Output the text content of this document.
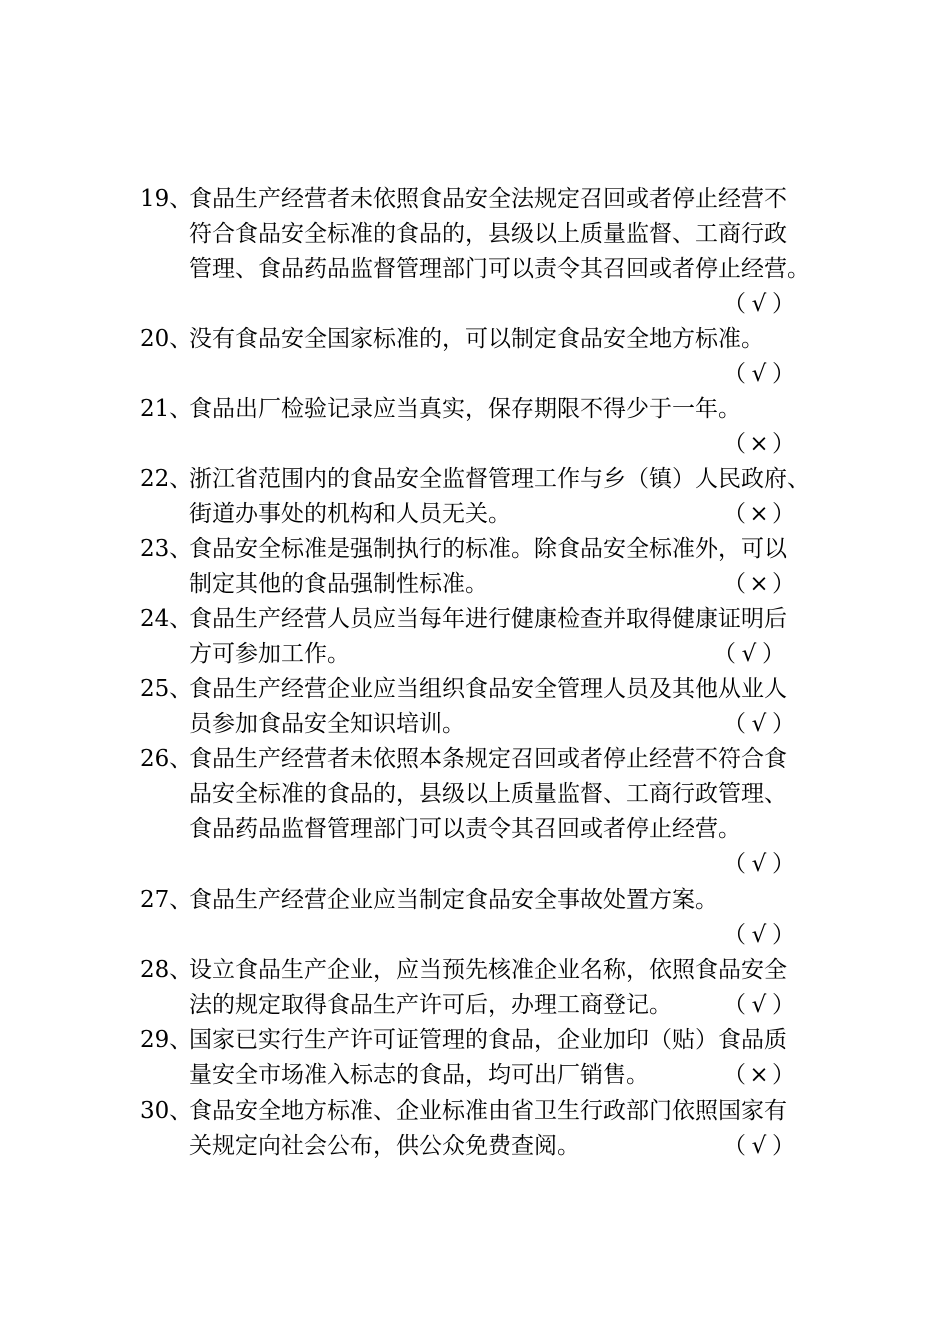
19、
食品生产经营者未依照食品安全法规定召回或者停止经营不
符合食品安全标准的食品的，县级以上质量监督、工商行政
管理、食品药品监督管理部门可以责令其召回或者停止经营。
（ √ ）
20、
没有食品安全国家标准的，可以制定食品安全地方标准。
（ √ ）
21、
食品出厂检验记录应当真实，保存期限不得少于一年。
（ × ）
22、
浙江省范围内的食品安全监督管理工作与乡（镇）人民政府、
街道办事处的机构和人员无关。	（ × ）
23、
食品安全标准是强制执行的标准。除食品安全标准外，可以
制定其他的食品强制性标准。	（ × ）
24、
食品生产经营人员应当每年进行健康检查并取得健康证明后
方可参加工作。	（ √ ）
25、
食品生产经营企业应当组织食品安全管理人员及其他从业人
员参加食品安全知识培训。	（ √ ）
26、
食品生产经营者未依照本条规定召回或者停止经营不符合食
品安全标准的食品的，县级以上质量监督、工商行政管理、
食品药品监督管理部门可以责令其召回或者停止经营。
（ √ ）
27、
食品生产经营企业应当制定食品安全事故处置方案。
（ √ ）
28、
设立食品生产企业，应当预先核准企业名称，依照食品安全
法的规定取得食品生产许可后，办理工商登记。 （ √ ）
29、
国家已实行生产许可证管理的食品，企业加印（贴）食品质
量安全市场准入标志的食品，均可出厂销售。	（ × ）
30、
食品安全地方标准、企业标准由省卫生行政部门依照国家有
关规定向社会公布，供公众免费查阅。	（ √ ）
